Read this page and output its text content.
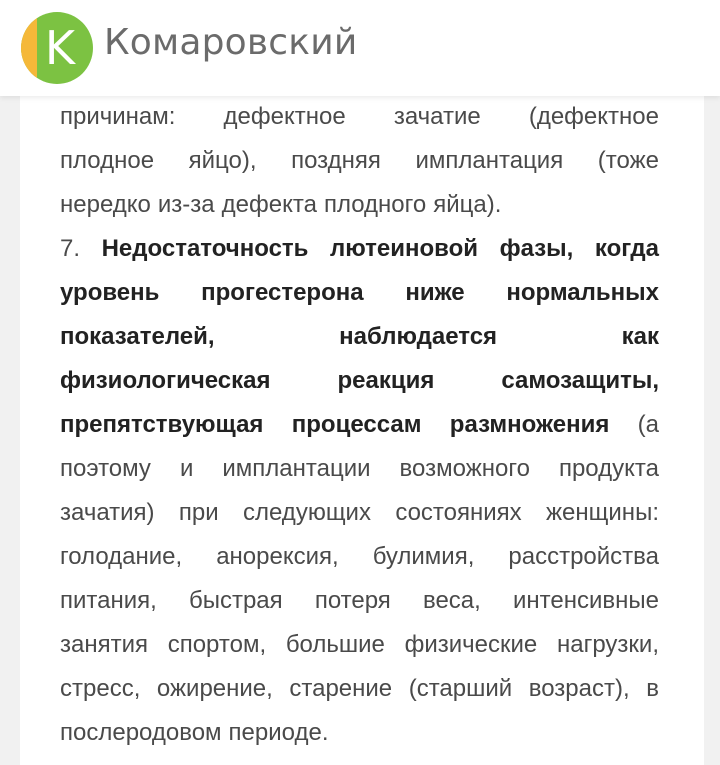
K Комаровский
причинам: дефектное зачатие (дефектное
плодное яйцо), поздняя имплантация (тоже
нередко из-за дефекта плодного яйца).
7. Недостаточность лютеиновой фазы, когда
уровень прогестерона ниже нормальных
показателей,	наблюдается	как
физиологическая	реакция	самозащиты,
препятствующая процессам размножения (а
поэтому и имплантации возможного продукта
зачатия) при следующих состояниях женщины:
голодание, анорексия, булимия, расстройства
питания, быстрая потеря веса, интенсивные
занятия спортом, большие физические нагрузки,
стресс, ожирение, старение (старший возраст), в
послеродовом периоде.
